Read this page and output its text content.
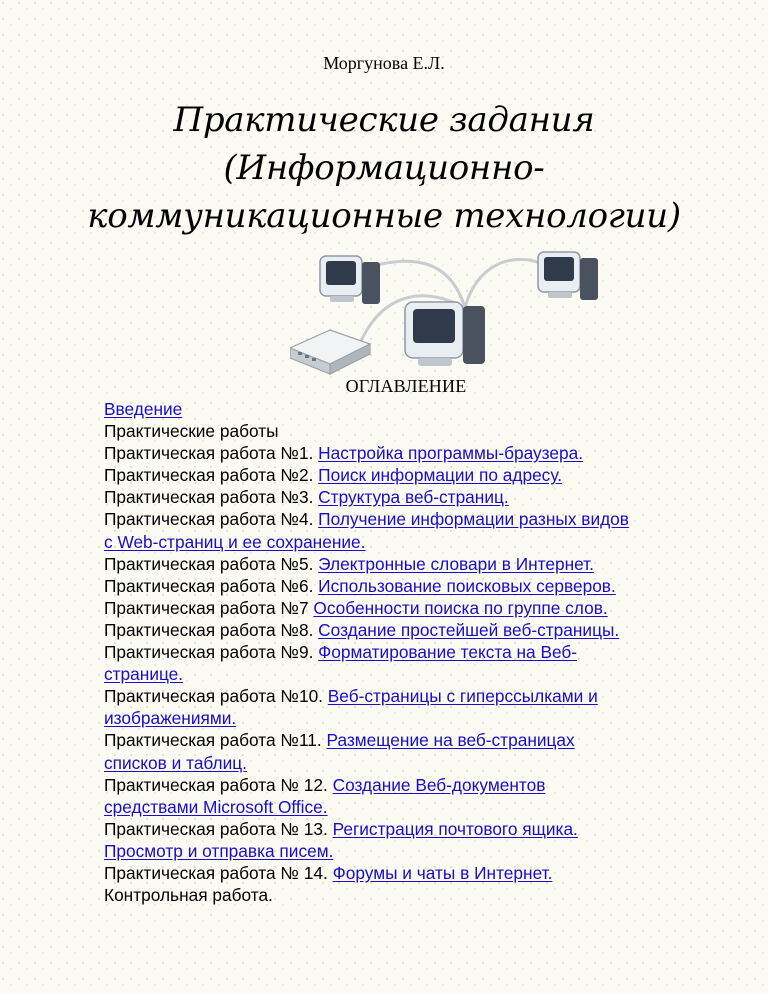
Моргунова Е.Л.
Практические задания
(Информационно-
коммуникационные технологии)
ОГЛАВЛЕНИЕ
Введение
Практические работы
Практическая работа №1. Настройка программы-браузера.
Практическая работа №2. Поиск информации по адресу.
Практическая работа №3. Структура веб-страниц.
Практическая работа №4. Получение информации разных видов
с Web-страниц и ее сохранение.
Практическая работа №5. Электронные словари в Интернет.
Практическая работа №6. Использование поисковых серверов.
Практическая работа №7 Особенности поиска по группе слов.
Практическая работа №8. Создание простейшей веб-страницы.
Практическая работа №9. Форматирование текста на Веб-
странице.
Практическая работа №10. Веб-страницы с гиперссылками и
изображениями.
Практическая работа №11. Размещение на веб-страницах
списков и таблиц.
Практическая работа № 12. Создание Веб-документов
средствами Microsoft Office.
Практическая работа № 13. Регистрация почтового ящика.
Просмотр и отправка писем.
Практическая работа № 14. Форумы и чаты в Интернет.
Контрольная работа.
